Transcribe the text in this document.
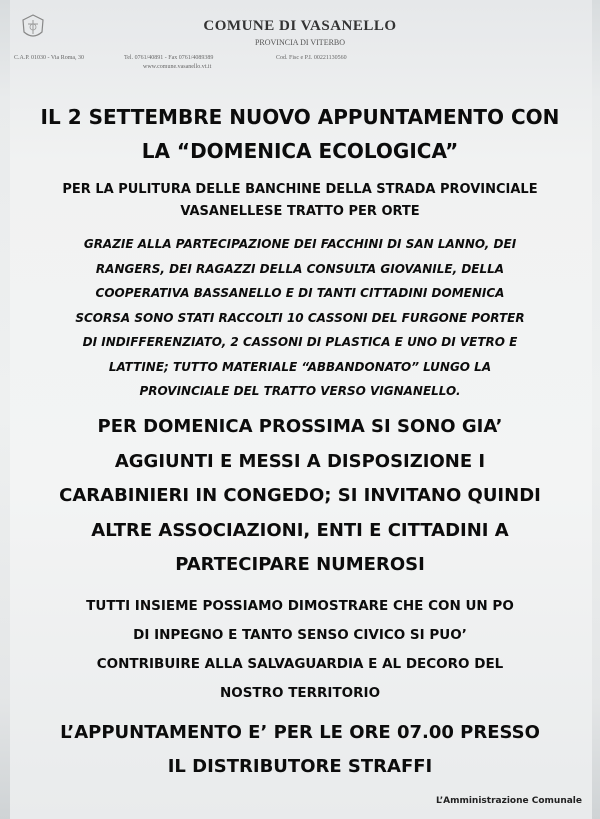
COMUNE DI VASANELLO
PROVINCIA DI VITERBO
C.A.P. 01030 - Via Roma, 30	Tel. 0761/40891 - Fax 0761/4089389	Cod. Fisc e P.I. 00221130560
www.comune.vasanello.vt.it
IL 2 SETTEMBRE NUOVO APPUNTAMENTO CON
LA “DOMENICA ECOLOGICA”
PER LA PULITURA DELLE BANCHINE DELLA STRADA PROVINCIALE
VASANELLESE TRATTO PER ORTE
GRAZIE ALLA PARTECIPAZIONE DEI FACCHINI DI SAN LANNO, DEI
RANGERS, DEI RAGAZZI DELLA CONSULTA GIOVANILE, DELLA
COOPERATIVA BASSANELLO E DI TANTI CITTADINI DOMENICA
SCORSA SONO STATI RACCOLTI 10 CASSONI DEL FURGONE PORTER
DI INDIFFERENZIATO, 2 CASSONI DI PLASTICA E UNO DI VETRO E
LATTINE; TUTTO MATERIALE “ABBANDONATO” LUNGO LA
PROVINCIALE DEL TRATTO VERSO VIGNANELLO.
PER DOMENICA PROSSIMA SI SONO GIA’
AGGIUNTI E MESSI A DISPOSIZIONE I
CARABINIERI IN CONGEDO; SI INVITANO QUINDI
ALTRE ASSOCIAZIONI, ENTI E CITTADINI A
PARTECIPARE NUMEROSI
TUTTI INSIEME POSSIAMO DIMOSTRARE CHE CON UN PO
DI INPEGNO E TANTO SENSO CIVICO SI PUO’
CONTRIBUIRE ALLA SALVAGUARDIA E AL DECORO DEL
NOSTRO TERRITORIO
L’APPUNTAMENTO E’ PER LE ORE 07.00 PRESSO
IL DISTRIBUTORE STRAFFI
L’Amministrazione Comunale
